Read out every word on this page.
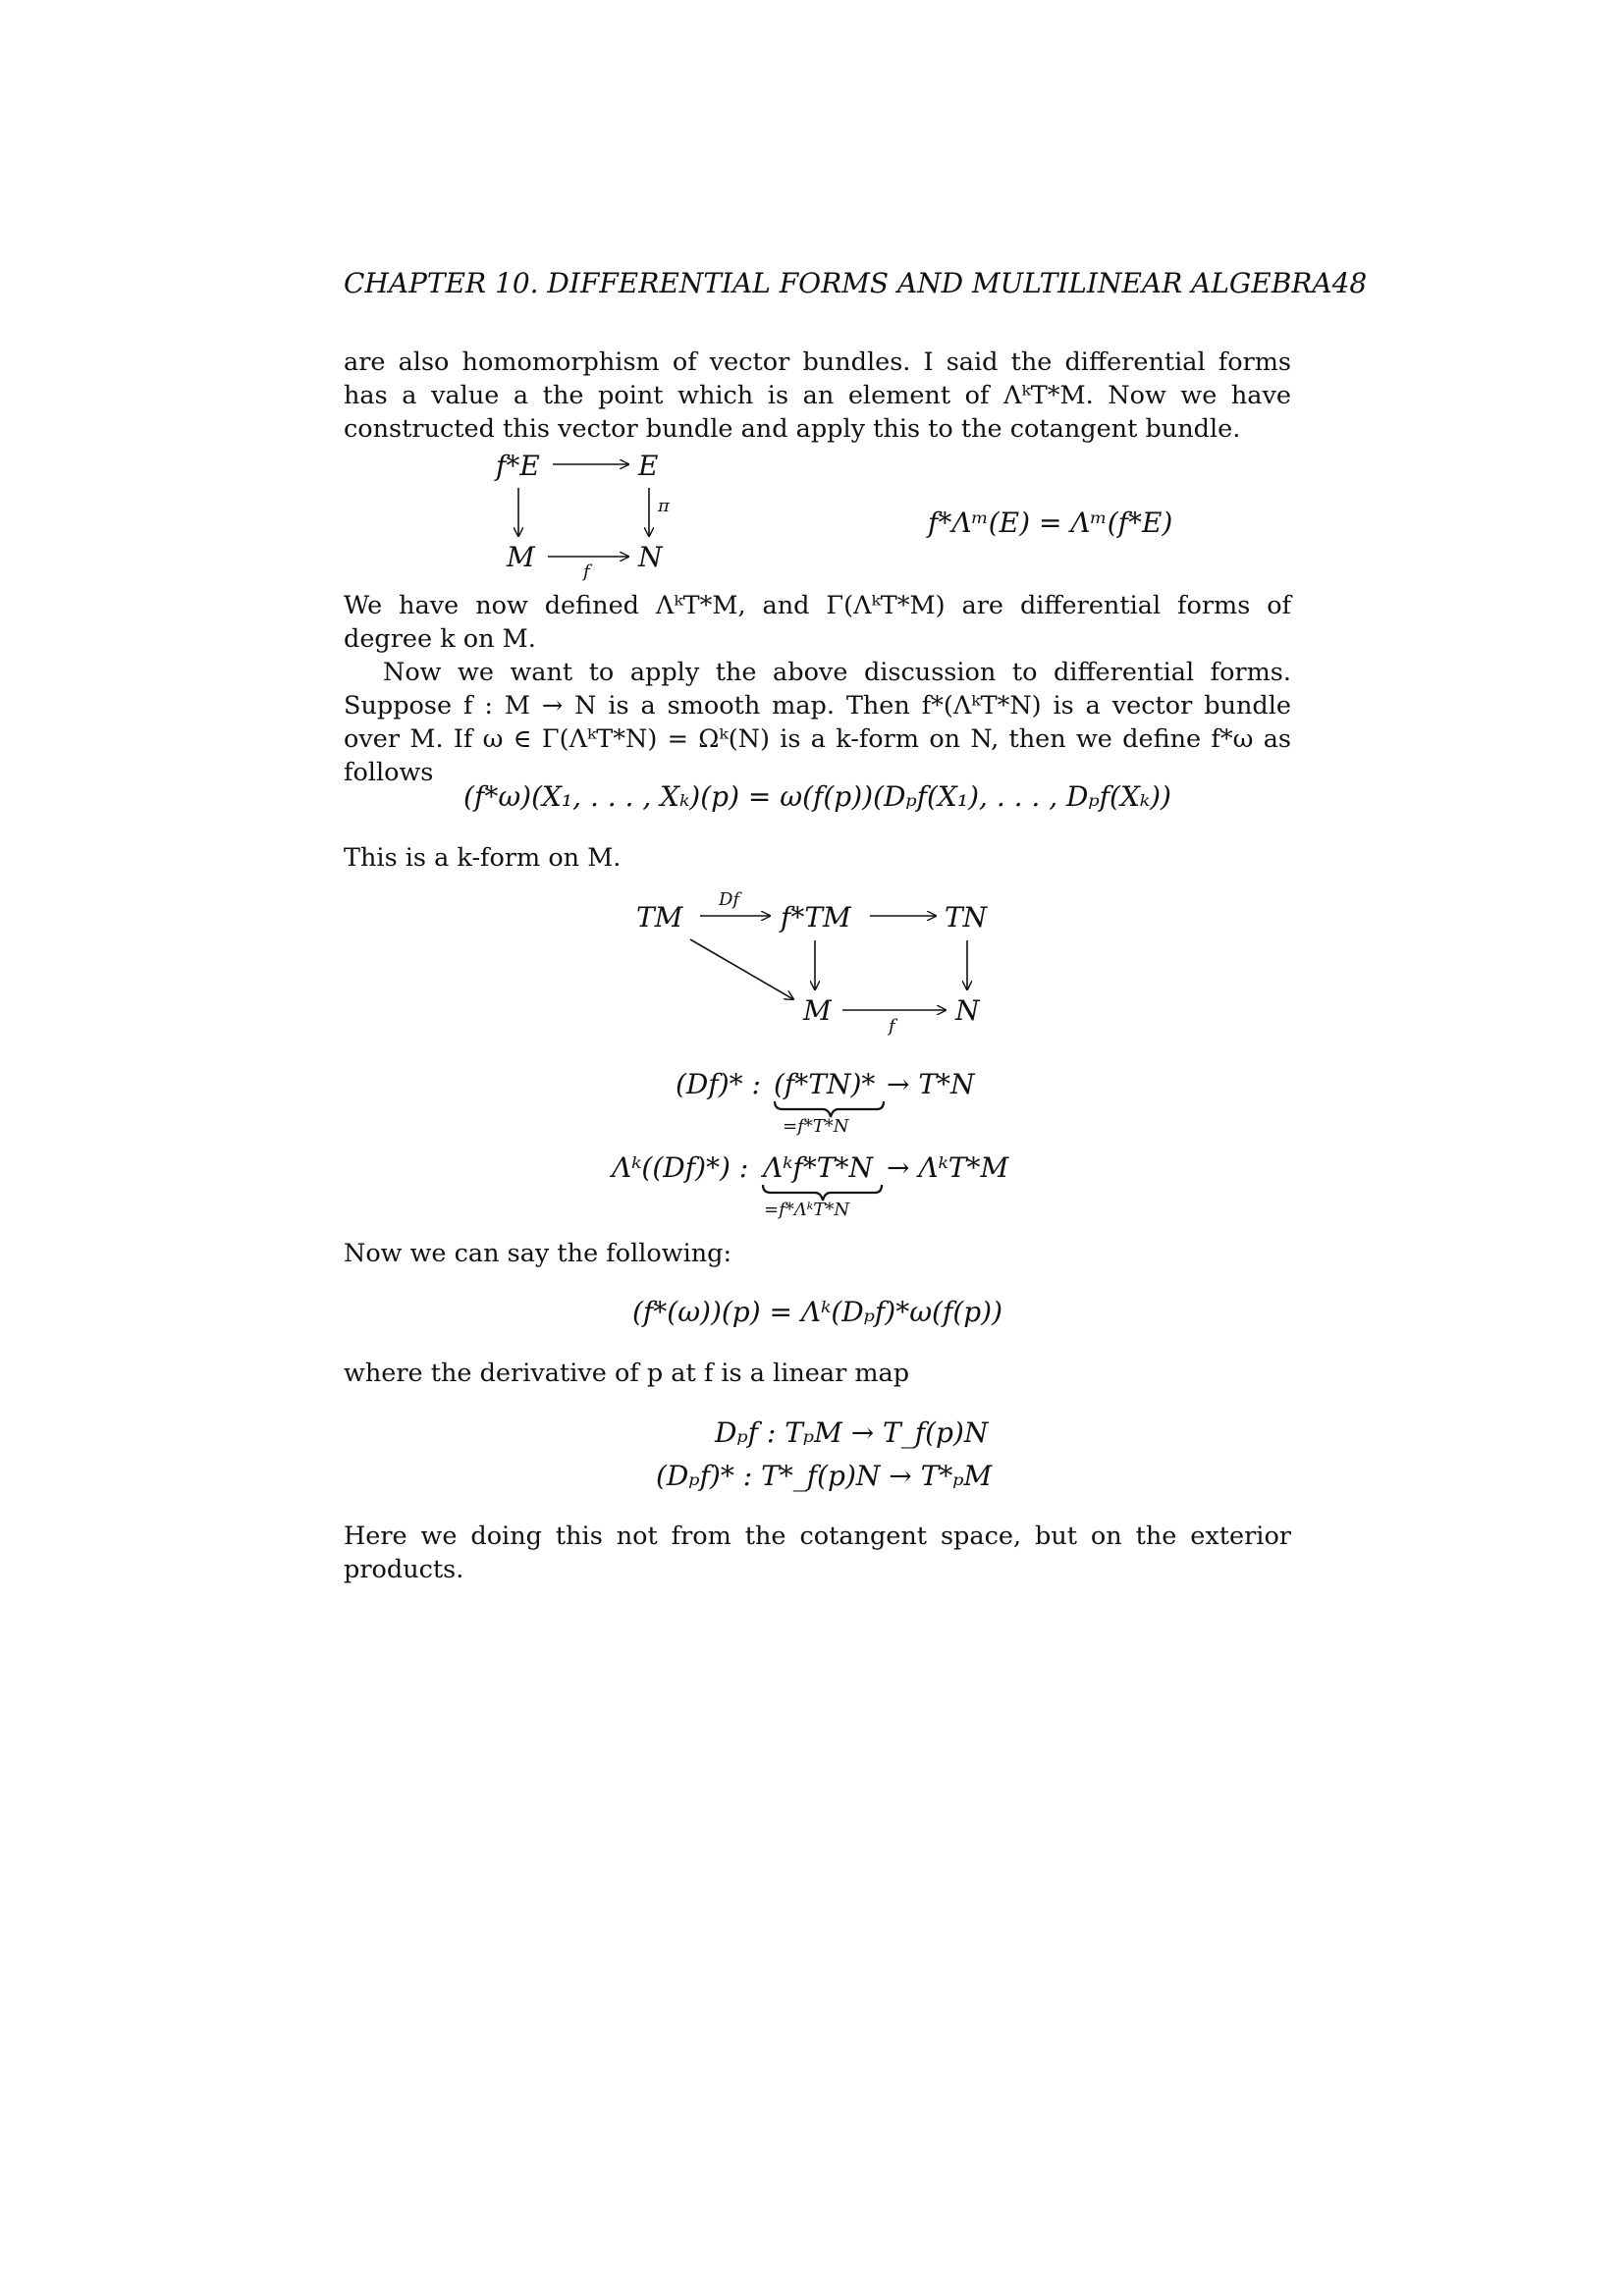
CHAPTER 10. DIFFERENTIAL FORMS AND MULTILINEAR ALGEBRA 48

are also homomorphism of vector bundles. I said the differential forms has a value a the point which is an element of ΛᵏT*M. Now we have constructed this vector bundle and apply this to the cotangent bundle.

f*E	E
M	N
f
π
f*Λᵐ(E) = Λᵐ(f*E)

We have now defined ΛᵏT*M, and Γ(ΛᵏT*M) are differential forms of degree k on M.

Now we want to apply the above discussion to differential forms. Suppose f : M → N is a smooth map. Then f*(ΛᵏT*N) is a vector bundle over M. If ω ∈ Γ(ΛᵏT*N) = Ωᵏ(N) is a k-form on N, then we define f*ω as follows

(f*ω)(X₁, . . . , Xₖ)(p) = ω(f(p))(Dₚf(X₁), . . . , Dₚf(Xₖ))

This is a k-form on M.

TM
Df
f*TM	TN
M	N
f
(Df)* : (f*TN)* → T*N
=f*T*N
Λᵏ((Df)*) : Λᵏf*T*N → ΛᵏT*M
=f*ΛᵏT*N

Now we can say the following:

(f*(ω))(p) = Λᵏ(Dₚf)*ω(f(p))

where the derivative of p at f is a linear map

Dₚf : TₚM → T_f(p)N
(Dₚf)* : T*_f(p)N → T*ₚM

Here we doing this not from the cotangent space, but on the exterior products.
